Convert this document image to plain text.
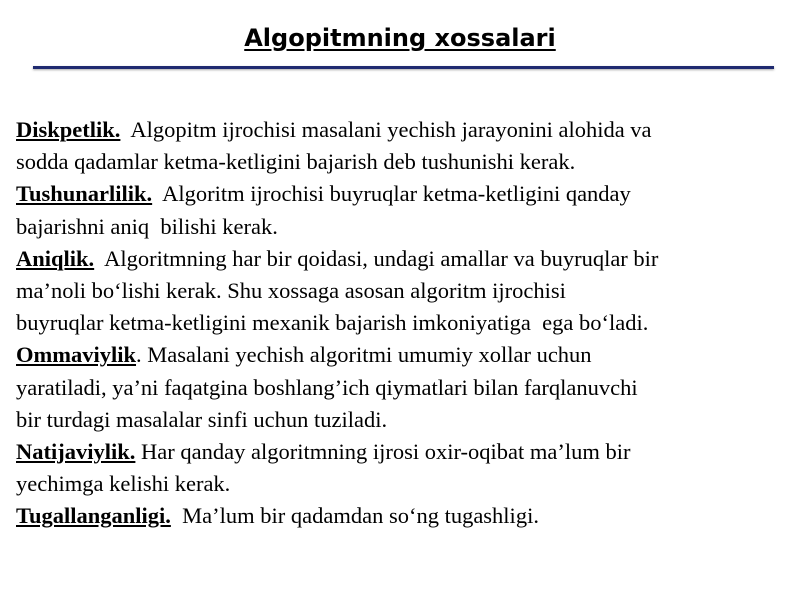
Algopitmning xossalari
Diskpetlik.  Algopitm ijrochisi masalani yechish jarayonini alohida va
sodda qadamlar ketma-ketligini bajarish deb tushunishi kerak.
Tushunarlilik.  Algoritm ijrochisi buyruqlar ketma-ketligini qanday
bajarishni aniq  bilishi kerak.
Aniqlik.  Algoritmning har bir qoidasi, undagi amallar va buyruqlar bir
ma’noli bo‘lishi kerak. Shu xossaga asosan algoritm ijrochisi
buyruqlar ketma-ketligini mexanik bajarish imkoniyatiga  ega bo‘ladi.
Ommaviylik. Masalani yechish algoritmi umumiy xollar uchun
yaratiladi, ya’ni faqatgina boshlang’ich qiymatlari bilan farqlanuvchi
bir turdagi masalalar sinfi uchun tuziladi.
Natijaviylik. Har qanday algoritmning ijrosi oxir-oqibat ma’lum bir
yechimga kelishi kerak.
Tugallanganligi.  Ma’lum bir qadamdan so‘ng tugashligi.
